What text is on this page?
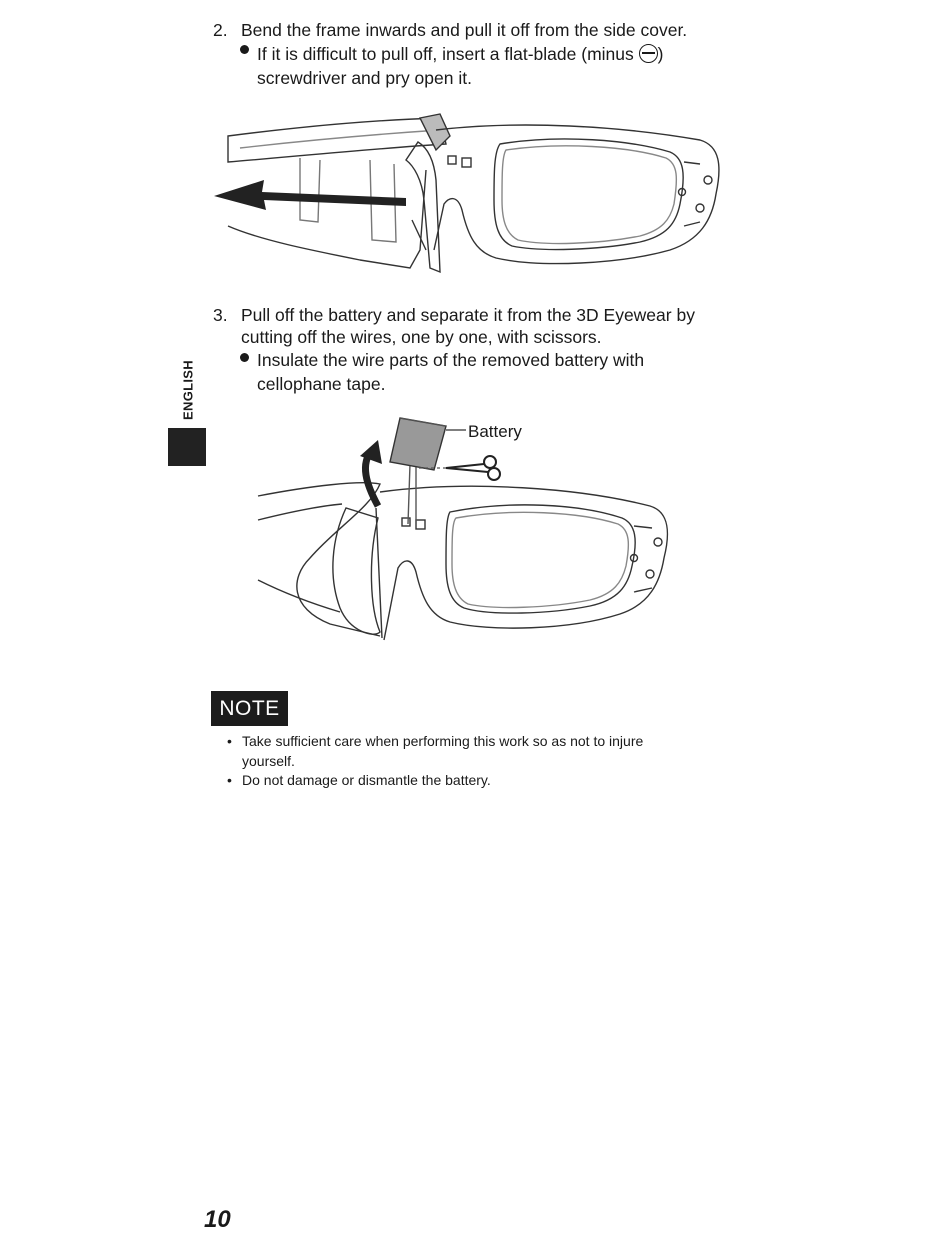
2. Bend the frame inwards and pull it off from the side cover.
If it is difficult to pull off, insert a flat-blade (minus )
screwdriver and pry open it.
3. Pull off the battery and separate it from the 3D Eyewear by
cutting off the wires, one by one, with scissors.
Insulate the wire parts of the removed battery with
cellophane tape.
ENGLISH
Battery
NOTE
• Take sufficient care when performing this work so as not to injure
yourself.
• Do not damage or dismantle the battery.
10
